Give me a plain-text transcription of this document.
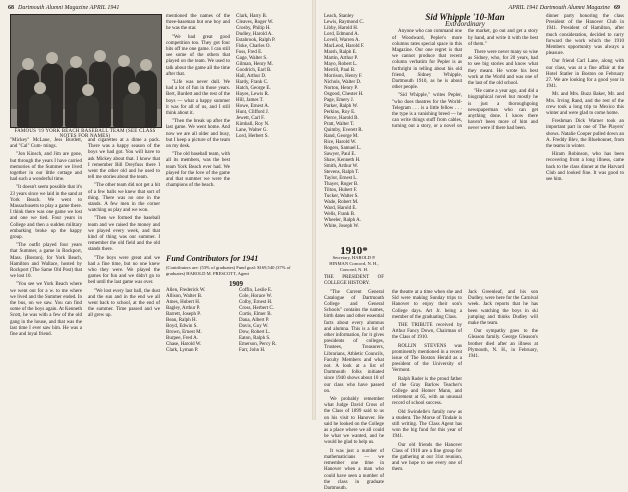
68 Dartmouth Alumni Magazine APRIL 1941
FAMOUS '19 YORK BEACH BASEBALL TEAM (SEE CLASS NOTES FOR NAMES)

mentioned the names of the three-baseman but one boy and he was the star.

"We had great good competition too. They got four hits off me one game. I can still see some of the others that played on the team. We used to talk about the game all the time after that.

"Life was never dull. We had a lot of fun in those years. Bert, Burdett and the rest of the boys — what a happy summer it was for all of us, and I still think about it.

"Then the break up after the last game. We went home. And now we are all older and busy, but I keep a picture of the team on my desk.

"The old baseball team, with all its members, was the best team York Beach ever had. We played for the love of the game and that summer we were the champions of the beach.

Clark, Harry B.
Cleaves, Roger W.
Crosby, Philip H.
Dudley, Harold A.
Estabrook, Ralph P.
Fiske, Charles O.
Foss, Fred E.
Gage, Walter S.
Gilman, Henry M.
Goodrich, Earl B.
Hall, Arthur D.
Hardy, Frank C.
Hatch, George E.
Hayes, Lewis R.
Hill, James T.
Howe, Ernest A.
Hunt, Clifford J.
Jewett, Carl F.
Kimball, Roy N.
Lane, Walter G.
Lord, Herbert S.

"Mickey" McLane, Jess Burdett, and "Cal" Cum- mings.

"Jon Kinsch, and Jim are gone, but through the years I have carried memories of the Summer we lived together in our little cottage and had such a wonderful time.

"It doesn't seem possible that it's 23 years since we laid in the sand at York Beach. We went to Massachusetts to play a game there. I think there was one game we lost and one we tied. Four years in College and then a sudden military embarking broke up the happy group.

"The outfit played four years that Summer, a game in Rockport, Mass. (Boston), for York Beach, Hamilton and Wallace, hosted by Rockport (The Same Old Post) that we lost 10.

"You see we York Beach where we went out for a w. to me where we lived and the Summer ended. In the bus, on we saw. You can find some of the boys again. At Kenneth Scott, he was with a few of the old gang in the house, and that was the last time I ever saw him. He was a fine and loyal friend.

and cigarettes at a dime a pack. There was a happy season of the boys we had got. You will have to ask Mickey about that. I know that I remember Bill Dreyfuss there I went the other old and he used to tell me stories about the team.

"The other team did not get a hit of a few balls we knew that sort of thing. There was no one in the stands. A few men in the corner watching us play and we won.

"Then we formed the baseball team and we raised the money and we played every week, and that kind of thing was our summer. I remember the old field and the old stands there.

"The boys were great and we had a fine time, but no one knew who they were. We played the games for fun and we didn't go to bed until the last game was over.

"We lost every last ball, the dust and the sun and in the end we all went back to school, at the end of the summer. Time passed and we all grew up.

Fund Contributors for 1941
(Contributors are: (53% of graduates) Fund goal: $169,540 (37% of graduates) HAROLD M. PRESCOTT, Agent
1909
Allen, Frederick W.
Allison, Walter B.
Ames, Hubert H.
Bagley, Arthur P.
Barrett, Joseph P.
Bean, Ralph H.
Boyd, Edwin S.
Brown, Ernest M.
Burpee, Fred A.
Chase, Harold W.
Clark, Lyman P.
Coffin, Leslie E.
Cole, Horace W.
Colby, Ernest H.
Cross, Herbert C.
Curtis, Elmer B.
Dana, Albert P.
Davis, Guy W.
Dow, Robert L.
Eaton, Ralph S.
Emerson, Percy R.
Farr, John H.
APRIL 1941 Dartmouth Alumni Magazine 69
Leach, Stanley
Lewis, Raymond C.
Libby, Harold H.
Lord, Edmund A.
Lovell, Warren A.
MacLeod, Harold F.
Marsh, Ralph E.
Martin, Arthur P.
Mayo, Robert L.
Merrill, Paul B.
Morrison, Henry F.
Nichols, Walter D.
Norton, Henry P.
Osgood, Chester H.
Page, Emery J.
Parker, Ralph W.
Perkins, Roy E.
Pierce, Harold B.
Pratt, Walter T.
Quimby, Everett R.
Rand, George M.
Rice, Harold W.
Rogers, Samuel L.
Sawyer, Paul E.
Shaw, Kenneth H.
Smith, Arthur W.
Stevens, Ralph T.
Taylor, Ernest L.
Thayer, Roger B.
Tilton, Hubert F.
Tucker, Walter S.
Wade, Robert M.
Ward, Harold E.
Wells, Frank B.
Wheeler, Ralph A.
White, Joseph W.
1910*
Secretary, HAROLD P. HINMAN Concord, N. H., Concord, N. H.

THE PRESIDENT OF COLLEGE HISTORY.

"The Current General Catalogue of Dartmouth College and General Schools" contains the names, birth dates and other essential facts about every alumnus and alumna. This is a list of other information, for it gives presidents of colleges, Trustees, Treasurers, Librarians, Athletic Councils, Faculty Members and what not. A look at a list of Dartmouth folks initiated since 1940 shows about 10 of our class who have passed on.

We probably remember what Judge David Cross of the Class of 1899 said to us on his visit to Hanover. He said he looked on the College as a place where we all could be what we wanted, and he would be glad to help us.

It was just a number of mathematicians — we remember one time in Hanover when a man who could have seen a number of the class in graduate Dartmouth.

Sid Whipple '10-Man
Extraordinary

Anyone who can command one of Woodward, Pepler's more columns rates special space in this Magazine. Our one regret is that we cannot produce that recent column verbatim for Pepler is as forthright in telling about his old friend, Sidney Whipple, Dartmouth 1910, as he is about other people.

"Sid Whipple," writes Pepler, "who does theatres for the World-Telegram . . . is a little fellow . . . the type is a vanishing breed — he can write things stuff from cables, turning out a story, or a novel on the market, go out and get a story by hand, and write it with the best of them."

There were never many so wise as Sidney, who, for 20 years, had to see big stories and know what they meant. He wrote his best work at the World and was one of the last of the old school.

"He came a year ago, and did a biographical novel but mostly he is just a thoroughgoing newspaperman who can get anything done. I know there haven't been more of him and never were if there had been.

the theatre at a time when she and Sid were making Sunday trips to Hanover to enjoy their son's College days. Art Jr. being a member of the graduating Class.

THE TRIBUTE received by Arthur Fancy Down, Chairman of the Class of 1910.

ROLLIN STEVENS was prominently mentioned in a recent issue of The Boston Herald as a president of the University of Vermont.

Ralph Rader is the proud father of the Gray Barlow Teacher's College and Homer Mann, and retirement at 65, with an unusual record of school success.

Old Swindelle's family now as a student. The Morse of Tindale is still writing. The Class Agent has won the big fund for this year of 1941.

Our old friends the Hanover Class of 1910 are a fine group for the gathering at our 31st reunion, and we hope to see every one of them.

Jack Greenleaf, and his son Dudley, were here for the Carnival week. Jack reports that he has been watching the boys in ski jumping and thinks Dudley will make the team.

Our sympathy goes to the Gleason family. George Gleason's brother died after an illness at Plymouth, N. H., in February, 1941.

dinner party honoring the class President of the Hanover Club in 1941. President of Hamilton, after much consideration, decided to carry forward the work which the 1910 Members opportunity was always a pleasure.

Our friend Carl Lane, along with our class, was at a fine affair at the Hotel Statler in Boston on February 27. We are looking for a good year in 1941.

Mr. and Mrs. Buzz Baker, Mr. and Mrs. Irving Rand, and the rest of the crew took a long trip to Mexico this winter and were glad to come home.

Freshman Dick Warner took an important part in one of The Players' shows. Natalie Cooper pulled down an A. Freddy Blev, the Bluebonnet, from the teams in winter.

Hiram Robinson, who has been recovering from a long illness, came back to the class dinner at the Harvard Club and looked fine. It was good to see him.
